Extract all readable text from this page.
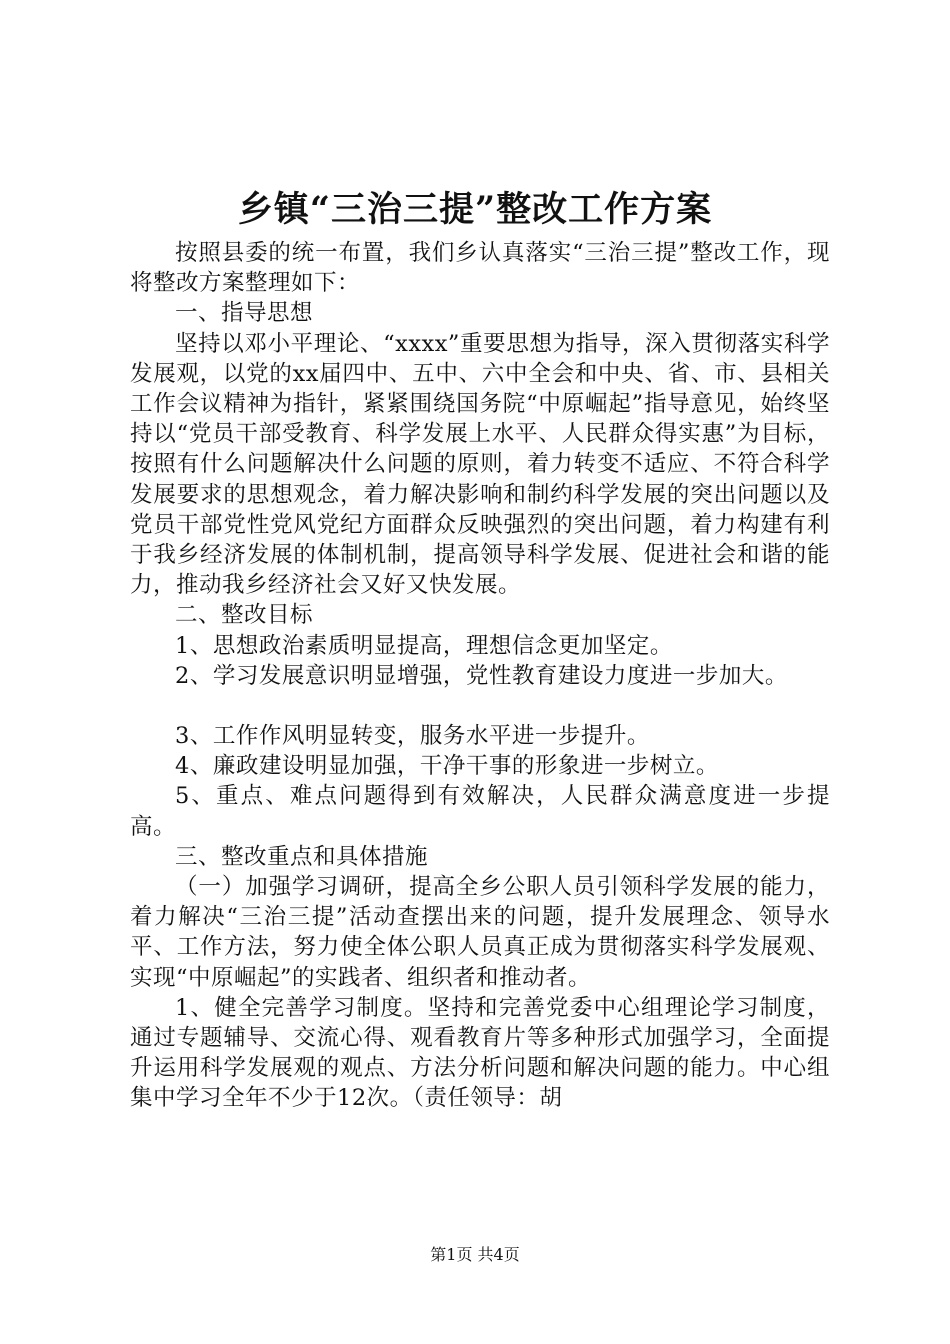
乡镇“三治三提”整改工作方案

按照县委的统一布置，我们乡认真落实“三治三提”整改工作，现将整改方案整理如下：

一、指导思想

坚持以邓小平理论、“xxxx”重要思想为指导，深入贯彻落实科学发展观，以党的xx届四中、五中、六中全会和中央、省、市、县相关工作会议精神为指针，紧紧围绕国务院“中原崛起”指导意见，始终坚持以“党员干部受教育、科学发展上水平、人民群众得实惠”为目标，按照有什么问题解决什么问题的原则，着力转变不适应、不符合科学发展要求的思想观念，着力解决影响和制约科学发展的突出问题以及党员干部党性党风党纪方面群众反映强烈的突出问题，着力构建有利于我乡经济发展的体制机制，提高领导科学发展、促进社会和谐的能力，推动我乡经济社会又好又快发展。

二、整改目标

1、思想政治素质明显提高，理想信念更加坚定。

2、学习发展意识明显增强，党性教育建设力度进一步加大。

3、工作作风明显转变，服务水平进一步提升。

4、廉政建设明显加强，干净干事的形象进一步树立。

5、重点、难点问题得到有效解决，人民群众满意度进一步提高。

三、整改重点和具体措施

（一）加强学习调研，提高全乡公职人员引领科学发展的能力，着力解决“三治三提”活动查摆出来的问题，提升发展理念、领导水平、工作方法，努力使全体公职人员真正成为贯彻落实科学发展观、实现“中原崛起”的实践者、组织者和推动者。

1、健全完善学习制度。坚持和完善党委中心组理论学习制度，通过专题辅导、交流心得、观看教育片等多种形式加强学习，全面提升运用科学发展观的观点、方法分析问题和解决问题的能力。中心组集中学习全年不少于12次。（责任领导：胡

第1页 共4页
